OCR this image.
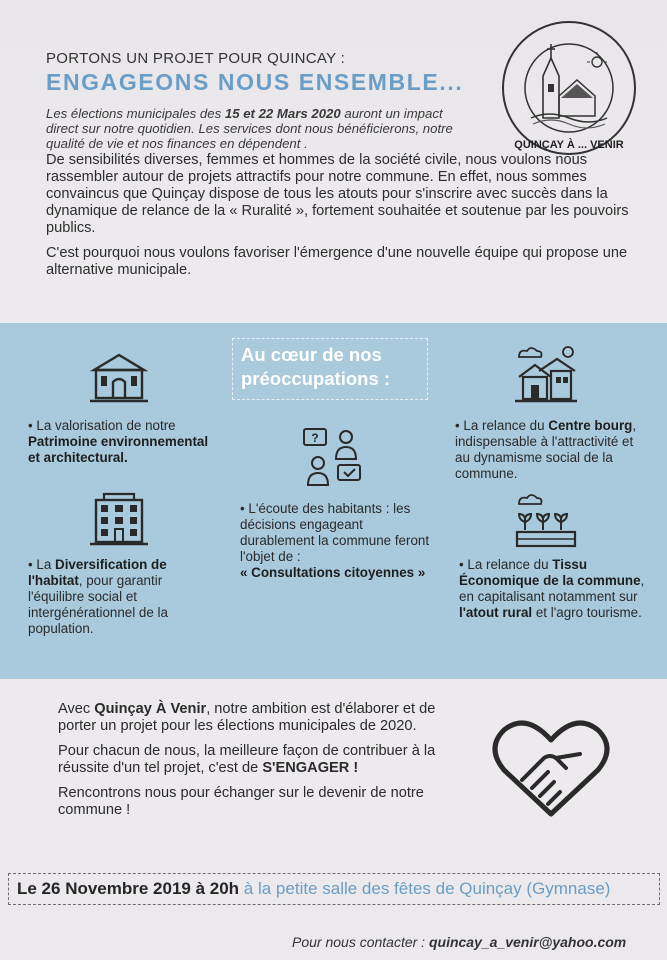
PORTONS UN PROJET POUR QUINCAY :
ENGAGEONS NOUS ENSEMBLE...
Les élections municipales des 15 et 22 Mars 2020 auront un impact direct sur notre quotidien. Les services dont nous bénéficierons, notre qualité de vie et nos finances en dépendent .	QUINÇAY À ... VENIR

De sensibilités diverses, femmes et hommes de la société civile, nous voulons nous rassembler autour de projets attractifs pour notre commune. En effet, nous sommes convaincus que Quinçay dispose de tous les atouts pour s'inscrire avec succès dans la dynamique de relance de la « Ruralité », fortement souhaitée et soutenue par les pouvoirs publics.

C'est pourquoi nous voulons favoriser l'émergence d'une nouvelle équipe qui propose une alternative municipale.

Au cœur de nos préoccupations :
• La valorisation de notre Patrimoine environnemental et architectural.
• La Diversification de l'habitat, pour garantir l'équilibre social et intergénérationnel de la population.
?
• L'écoute des habitants : les décisions engageant durablement la commune feront l'objet de :
« Consultations citoyennes »
• La relance du Centre bourg, indispensable à l'attractivité et au dynamisme social de la commune.
• La relance du Tissu Économique de la commune, en capitalisant notamment sur l'atout rural et l'agro tourisme.

Avec Quinçay À Venir, notre ambition est d'élaborer et de porter un projet pour les élections municipales de 2020.

Pour chacun de nous, la meilleure façon de contribuer à la réussite d'un tel projet, c'est de S'ENGAGER !

Rencontrons nous pour échanger sur le devenir de notre commune !

Le 26 Novembre 2019 à 20h à la petite salle des fêtes de Quinçay (Gymnase)
Pour nous contacter : quincay_a_venir@yahoo.com
